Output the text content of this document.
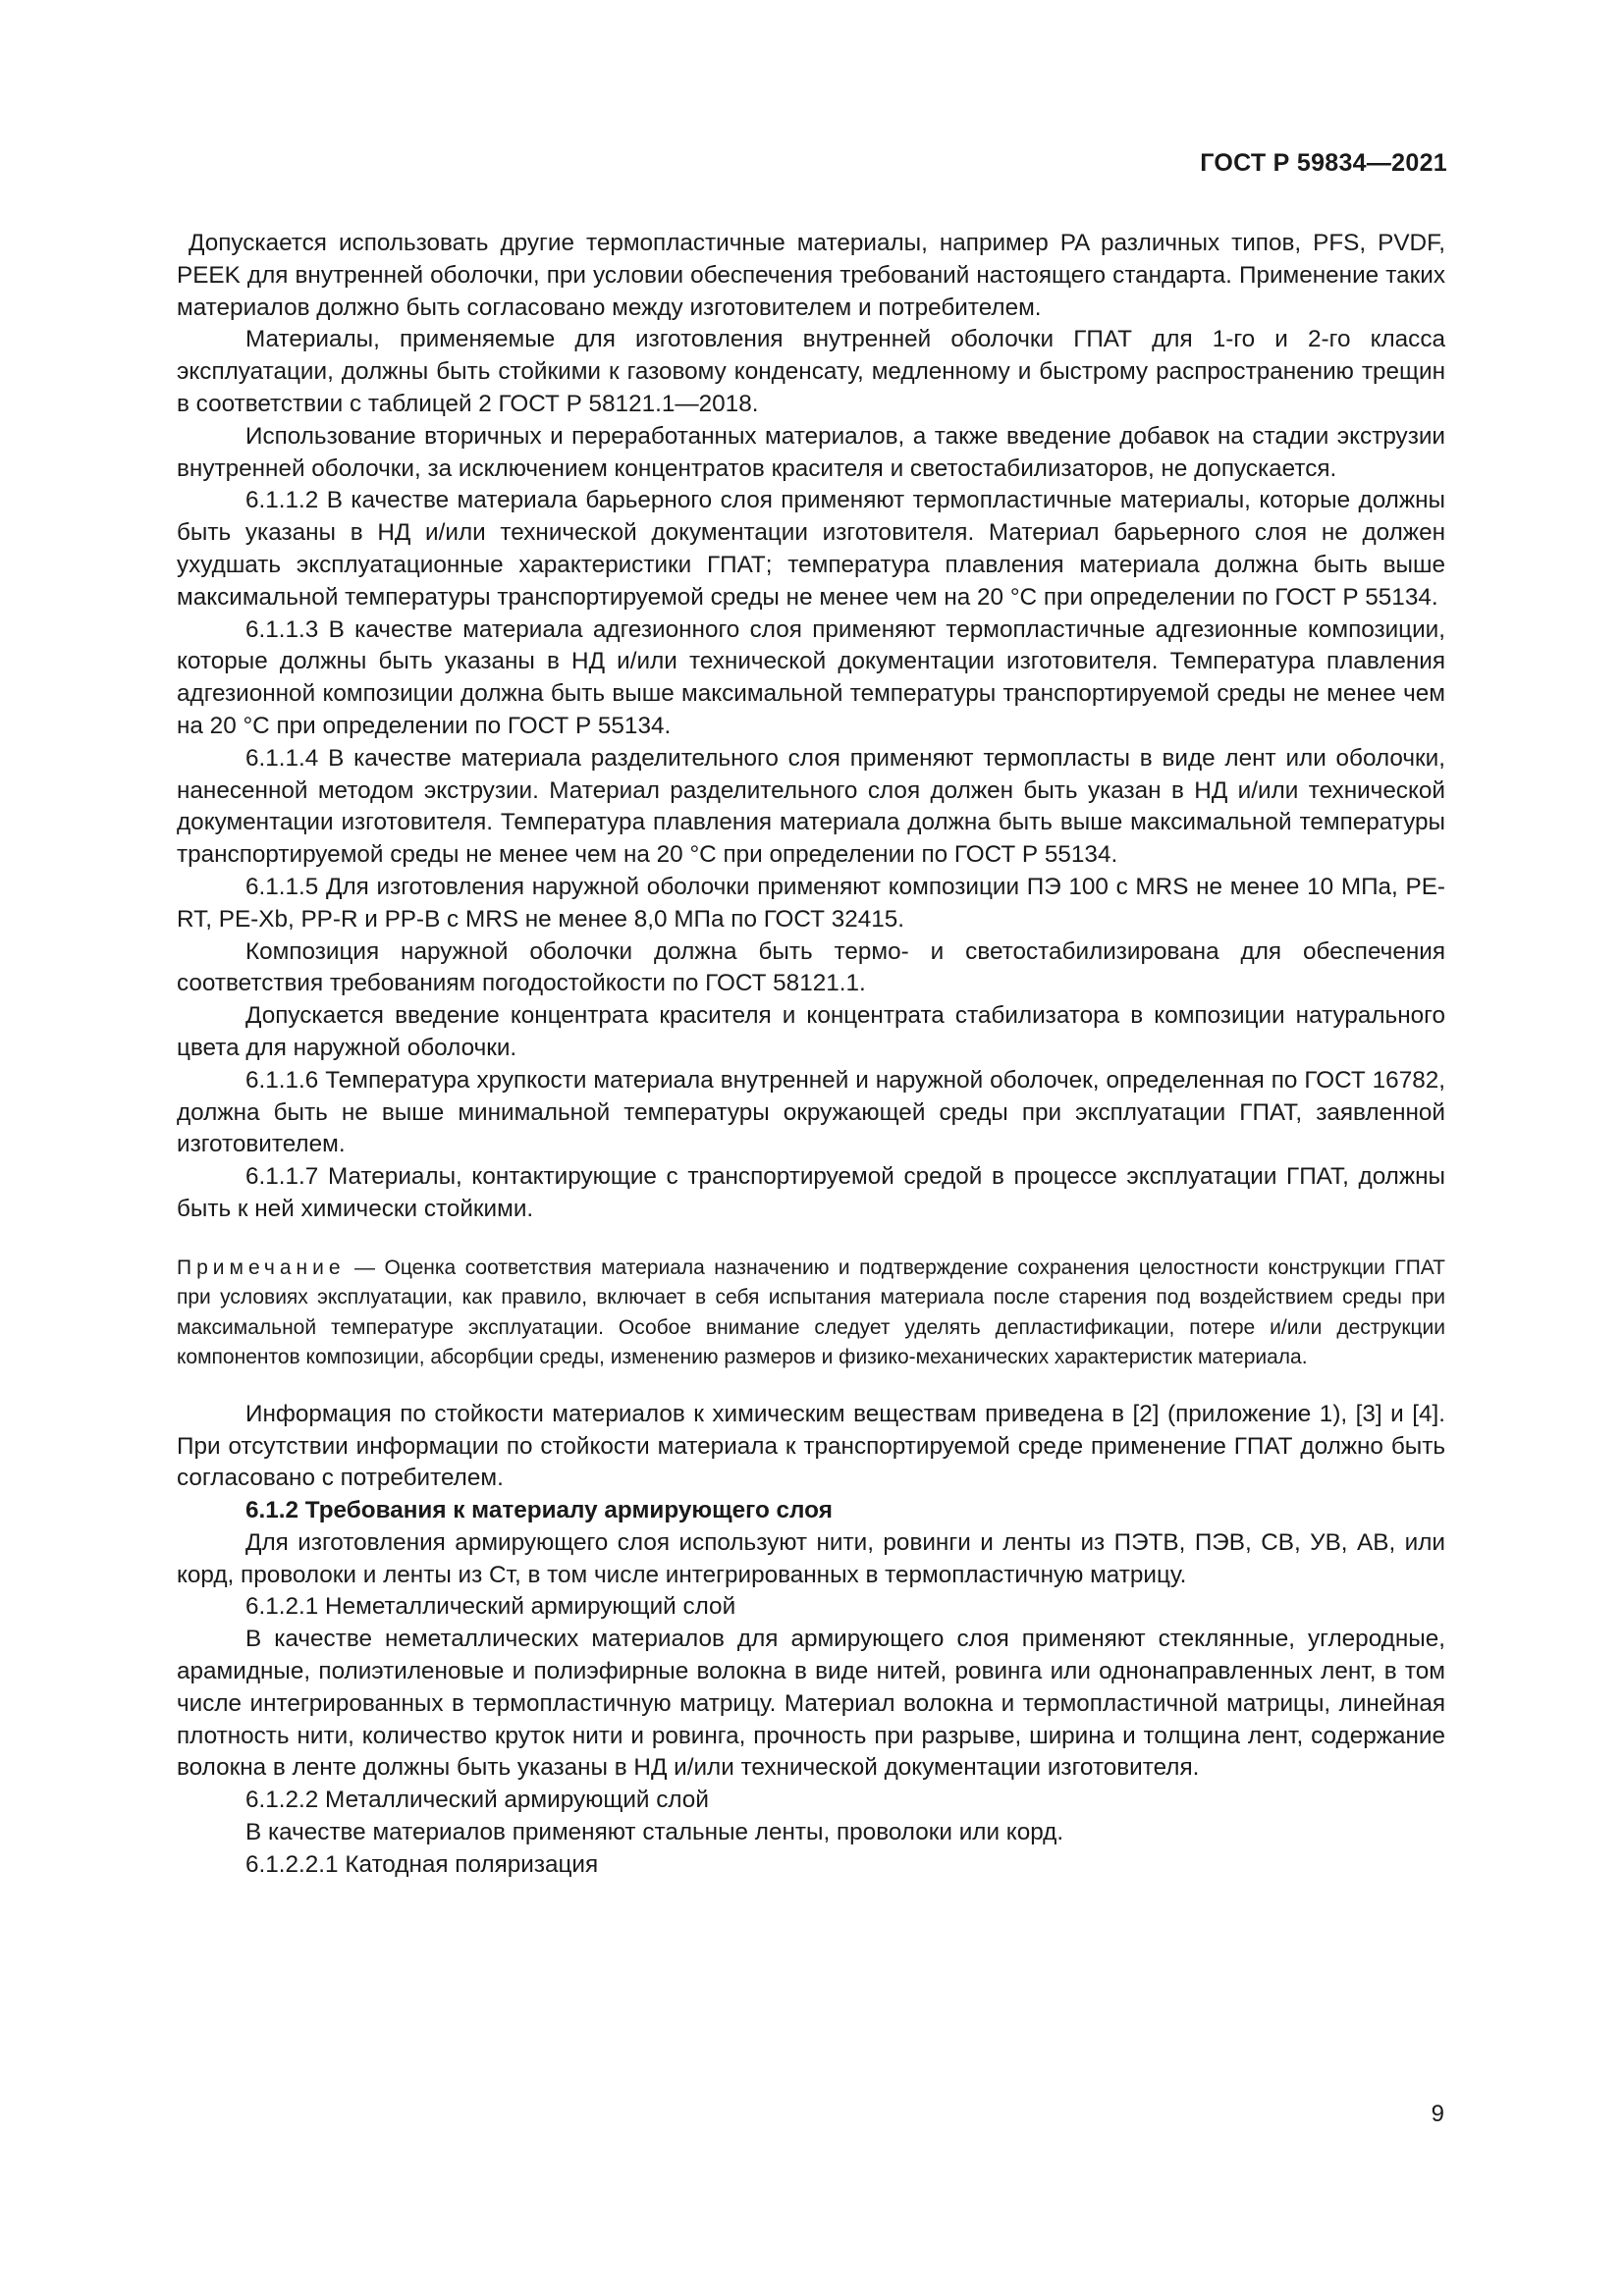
ГОСТ Р 59834—2021

Допускается использовать другие термопластичные материалы, например PA различных типов, PFS, PVDF, PEEK для внутренней оболочки, при условии обеспечения требований настоящего стандарта. Применение таких материалов должно быть согласовано между изготовителем и потребителем.

Материалы, применяемые для изготовления внутренней оболочки ГПАТ для 1-го и 2-го класса эксплуатации, должны быть стойкими к газовому конденсату, медленному и быстрому распространению трещин в соответствии с таблицей 2 ГОСТ Р 58121.1—2018.

Использование вторичных и переработанных материалов, а также введение добавок на стадии экструзии внутренней оболочки, за исключением концентратов красителя и светостабилизаторов, не допускается.

6.1.1.2 В качестве материала барьерного слоя применяют термопластичные материалы, которые должны быть указаны в НД и/или технической документации изготовителя. Материал барьерного слоя не должен ухудшать эксплуатационные характеристики ГПАТ; температура плавления материала должна быть выше максимальной температуры транспортируемой среды не менее чем на 20 °С при определении по ГОСТ Р 55134.

6.1.1.3 В качестве материала адгезионного слоя применяют термопластичные адгезионные композиции, которые должны быть указаны в НД и/или технической документации изготовителя. Температура плавления адгезионной композиции должна быть выше максимальной температуры транспортируемой среды не менее чем на 20 °С при определении по ГОСТ Р 55134.

6.1.1.4 В качестве материала разделительного слоя применяют термопласты в виде лент или оболочки, нанесенной методом экструзии. Материал разделительного слоя должен быть указан в НД и/или технической документации изготовителя. Температура плавления материала должна быть выше максимальной температуры транспортируемой среды не менее чем на 20 °С при определении по ГОСТ Р 55134.

6.1.1.5 Для изготовления наружной оболочки применяют композиции ПЭ 100 с MRS не менее 10 МПа, PE-RT, PE-Xb, PP-R и PP-B с MRS не менее 8,0 МПа по ГОСТ 32415.

Композиция наружной оболочки должна быть термо- и светостабилизирована для обеспечения соответствия требованиям погодостойкости по ГОСТ 58121.1.

Допускается введение концентрата красителя и концентрата стабилизатора в композиции натурального цвета для наружной оболочки.

6.1.1.6 Температура хрупкости материала внутренней и наружной оболочек, определенная по ГОСТ 16782, должна быть не выше минимальной температуры окружающей среды при эксплуатации ГПАТ, заявленной изготовителем.

6.1.1.7 Материалы, контактирующие с транспортируемой средой в процессе эксплуатации ГПАТ, должны быть к ней химически стойкими.

Примечание — Оценка соответствия материала назначению и подтверждение сохранения целостности конструкции ГПАТ при условиях эксплуатации, как правило, включает в себя испытания материала после старения под воздействием среды при максимальной температуре эксплуатации. Особое внимание следует уделять депластификации, потере и/или деструкции компонентов композиции, абсорбции среды, изменению размеров и физико-механических характеристик материала.

Информация по стойкости материалов к химическим веществам приведена в [2] (приложение 1), [3] и [4]. При отсутствии информации по стойкости материала к транспортируемой среде применение ГПАТ должно быть согласовано с потребителем.

6.1.2 Требования к материалу армирующего слоя

Для изготовления армирующего слоя используют нити, ровинги и ленты из ПЭТВ, ПЭВ, СВ, УВ, АВ, или корд, проволоки и ленты из Ст, в том числе интегрированных в термопластичную матрицу.

6.1.2.1 Неметаллический армирующий слой

В качестве неметаллических материалов для армирующего слоя применяют стеклянные, углеродные, арамидные, полиэтиленовые и полиэфирные волокна в виде нитей, ровинга или однонаправленных лент, в том числе интегрированных в термопластичную матрицу. Материал волокна и термопластичной матрицы, линейная плотность нити, количество круток нити и ровинга, прочность при разрыве, ширина и толщина лент, содержание волокна в ленте должны быть указаны в НД и/или технической документации изготовителя.

6.1.2.2 Металлический армирующий слой

В качестве материалов применяют стальные ленты, проволоки или корд.

6.1.2.2.1 Катодная поляризация

9
